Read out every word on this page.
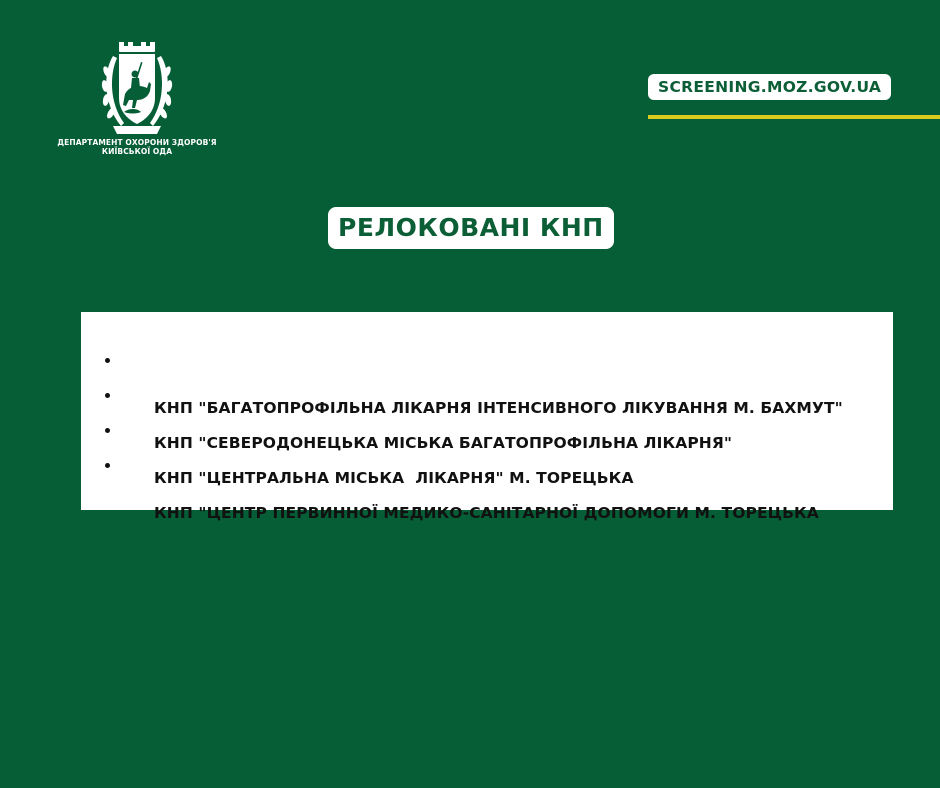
ДЕПАРТАМЕНТ ОХОРОНИ ЗДОРОВ'Я
КИЇВСЬКОЇ ОДА
SCREENING.MOZ.GOV.UA
РЕЛОКОВАНІ КНП

КНП "БАГАТОПРОФІЛЬНА ЛІКАРНЯ ІНТЕНСИВНОГО ЛІКУВАННЯ М. БАХМУТ"

КНП "СЕВЕРОДОНЕЦЬКА МІСЬКА БАГАТОПРОФІЛЬНА ЛІКАРНЯ"

КНП "ЦЕНТРАЛЬНА МІСЬКА  ЛІКАРНЯ" М. ТОРЕЦЬКА

КНП "ЦЕНТР ПЕРВИННОЇ МЕДИКО-САНІТАРНОЇ ДОПОМОГИ М. ТОРЕЦЬКА
